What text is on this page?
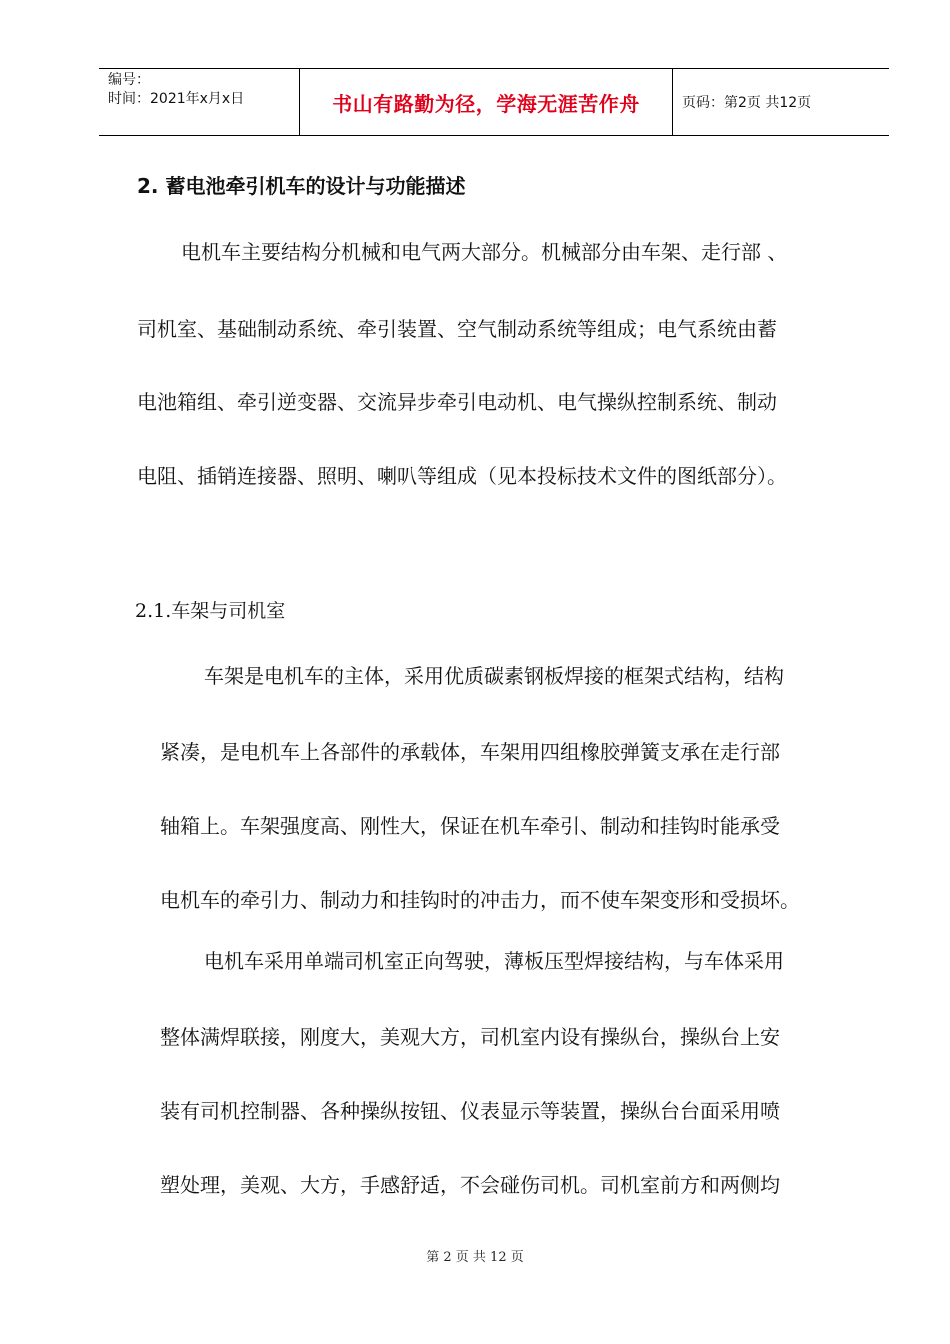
编号：
时间：2021年x月x日	书山有路勤为径，学海无涯苦作舟	页码：第2页 共12页
2. 蓄电池牵引机车的设计与功能描述
电机车主要结构分机械和电气两大部分。机械部分由车架、走行部 、
司机室、基础制动系统、牵引装置、空气制动系统等组成；电气系统由蓄
电池箱组、牵引逆变器、交流异步牵引电动机、电气操纵控制系统、制动
电阻、插销连接器、照明、喇叭等组成（见本投标技术文件的图纸部分）。
2.1.车架与司机室
车架是电机车的主体，采用优质碳素钢板焊接的框架式结构，结构
紧凑，是电机车上各部件的承载体，车架用四组橡胶弹簧支承在走行部
轴箱上。车架强度高、刚性大，保证在机车牵引、制动和挂钩时能承受
电机车的牵引力、制动力和挂钩时的冲击力，而不使车架变形和受损坏。
电机车采用单端司机室正向驾驶，薄板压型焊接结构，与车体采用
整体满焊联接，刚度大，美观大方，司机室内设有操纵台，操纵台上安
装有司机控制器、各种操纵按钮、仪表显示等装置，操纵台台面采用喷
塑处理，美观、大方，手感舒适，不会碰伤司机。司机室前方和两侧均
第 2 页 共 12 页
